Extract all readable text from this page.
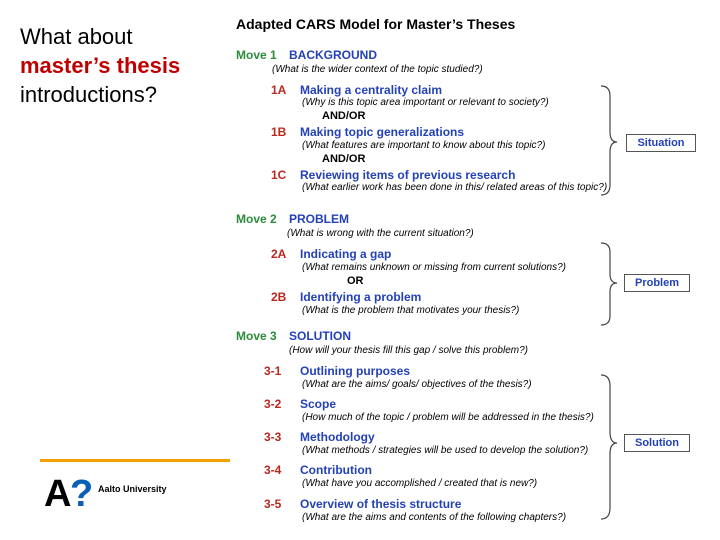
What about
master’s thesis
introductions?
Adapted CARS Model for Master’s Theses
Move 1 BACKGROUND
(What is the wider context of the topic studied?)
1A Making a centrality claim
(Why is this topic area important or relevant to society?)
AND/OR
1B Making topic generalizations
(What features are important to know about this topic?)
AND/OR
1C Reviewing items of previous research
(What earlier work has been done in this/ related areas of this topic?)
Move 2 PROBLEM
(What is wrong with the current situation?)
2A Indicating a gap
(What remains unknown or missing from current solutions?)
OR
2B Identifying a problem
(What is the problem that motivates your thesis?)
Move 3 SOLUTION
(How will your thesis fill this gap / solve this problem?)
3-1 Outlining purposes
(What are the aims/ goals/ objectives of the thesis?)
3-2 Scope
(How much of the topic / problem will be addressed in the thesis?)
3-3 Methodology
(What methods / strategies will be used to develop the solution?)
3-4 Contribution
(What have you accomplished / created that is new?)
3-5 Overview of thesis structure
(What are the aims and contents of the following chapters?)
Situation
Problem
Solution
A
? Aalto University
